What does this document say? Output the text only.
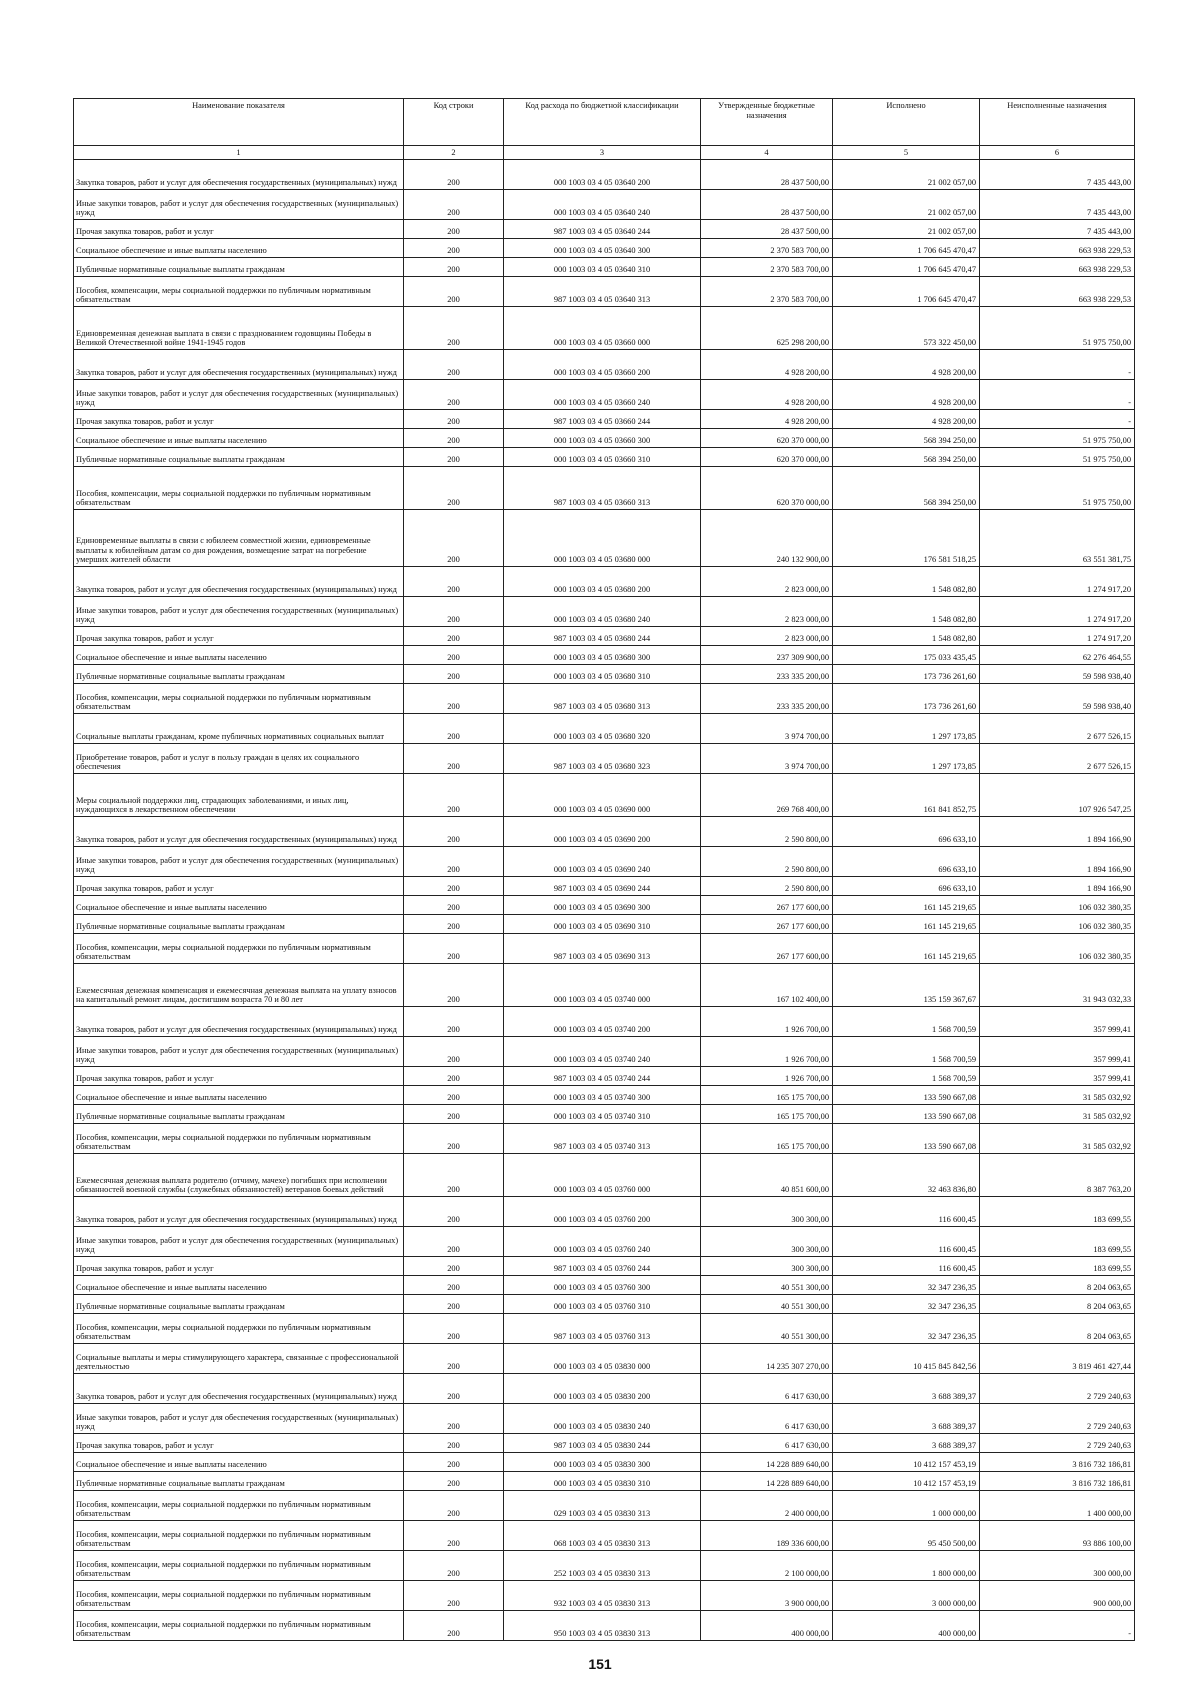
Наименование показателя	Код строки	Код расхода по бюджетной классификации	Утвержденные бюджетные назначения	Исполнено	Неисполненные назначения
1	2	3	4	5	6
Закупка товаров, работ и услуг для обеспечения государственных (муниципальных) нужд	200	000 1003 03 4 05 03640 200	28 437 500,00	21 002 057,00	7 435 443,00
Иные закупки товаров, работ и услуг для обеспечения государственных (муниципальных) нужд	200	000 1003 03 4 05 03640 240	28 437 500,00	21 002 057,00	7 435 443,00
Прочая закупка товаров, работ и услуг	200	987 1003 03 4 05 03640 244	28 437 500,00	21 002 057,00	7 435 443,00
Социальное обеспечение и иные выплаты населению	200	000 1003 03 4 05 03640 300	2 370 583 700,00	1 706 645 470,47	663 938 229,53
Публичные нормативные социальные выплаты гражданам	200	000 1003 03 4 05 03640 310	2 370 583 700,00	1 706 645 470,47	663 938 229,53
Пособия, компенсации, меры социальной поддержки по публичным нормативным обязательствам	200	987 1003 03 4 05 03640 313	2 370 583 700,00	1 706 645 470,47	663 938 229,53
Единовременная денежная выплата в связи с празднованием годовщины Победы в Великой Отечественной войне 1941-1945 годов	200	000 1003 03 4 05 03660 000	625 298 200,00	573 322 450,00	51 975 750,00
Закупка товаров, работ и услуг для обеспечения государственных (муниципальных) нужд	200	000 1003 03 4 05 03660 200	4 928 200,00	4 928 200,00	-
Иные закупки товаров, работ и услуг для обеспечения государственных (муниципальных) нужд	200	000 1003 03 4 05 03660 240	4 928 200,00	4 928 200,00	-
Прочая закупка товаров, работ и услуг	200	987 1003 03 4 05 03660 244	4 928 200,00	4 928 200,00	-
Социальное обеспечение и иные выплаты населению	200	000 1003 03 4 05 03660 300	620 370 000,00	568 394 250,00	51 975 750,00
Публичные нормативные социальные выплаты гражданам	200	000 1003 03 4 05 03660 310	620 370 000,00	568 394 250,00	51 975 750,00
Пособия, компенсации, меры социальной поддержки по публичным нормативным обязательствам	200	987 1003 03 4 05 03660 313	620 370 000,00	568 394 250,00	51 975 750,00
Единовременные выплаты в связи с юбилеем совместной жизни, единовременные выплаты к юбилейным датам со дня рождения, возмещение затрат на погребение умерших жителей области	200	000 1003 03 4 05 03680 000	240 132 900,00	176 581 518,25	63 551 381,75
Закупка товаров, работ и услуг для обеспечения государственных (муниципальных) нужд	200	000 1003 03 4 05 03680 200	2 823 000,00	1 548 082,80	1 274 917,20
Иные закупки товаров, работ и услуг для обеспечения государственных (муниципальных) нужд	200	000 1003 03 4 05 03680 240	2 823 000,00	1 548 082,80	1 274 917,20
Прочая закупка товаров, работ и услуг	200	987 1003 03 4 05 03680 244	2 823 000,00	1 548 082,80	1 274 917,20
Социальное обеспечение и иные выплаты населению	200	000 1003 03 4 05 03680 300	237 309 900,00	175 033 435,45	62 276 464,55
Публичные нормативные социальные выплаты гражданам	200	000 1003 03 4 05 03680 310	233 335 200,00	173 736 261,60	59 598 938,40
Пособия, компенсации, меры социальной поддержки по публичным нормативным обязательствам	200	987 1003 03 4 05 03680 313	233 335 200,00	173 736 261,60	59 598 938,40
Социальные выплаты гражданам, кроме публичных нормативных социальных выплат	200	000 1003 03 4 05 03680 320	3 974 700,00	1 297 173,85	2 677 526,15
Приобретение товаров, работ и услуг в пользу граждан в целях их социального обеспечения	200	987 1003 03 4 05 03680 323	3 974 700,00	1 297 173,85	2 677 526,15
Меры социальной поддержки лиц, страдающих заболеваниями, и иных лиц, нуждающихся в лекарственном обеспечении	200	000 1003 03 4 05 03690 000	269 768 400,00	161 841 852,75	107 926 547,25
Закупка товаров, работ и услуг для обеспечения государственных (муниципальных) нужд	200	000 1003 03 4 05 03690 200	2 590 800,00	696 633,10	1 894 166,90
Иные закупки товаров, работ и услуг для обеспечения государственных (муниципальных) нужд	200	000 1003 03 4 05 03690 240	2 590 800,00	696 633,10	1 894 166,90
Прочая закупка товаров, работ и услуг	200	987 1003 03 4 05 03690 244	2 590 800,00	696 633,10	1 894 166,90
Социальное обеспечение и иные выплаты населению	200	000 1003 03 4 05 03690 300	267 177 600,00	161 145 219,65	106 032 380,35
Публичные нормативные социальные выплаты гражданам	200	000 1003 03 4 05 03690 310	267 177 600,00	161 145 219,65	106 032 380,35
Пособия, компенсации, меры социальной поддержки по публичным нормативным обязательствам	200	987 1003 03 4 05 03690 313	267 177 600,00	161 145 219,65	106 032 380,35
Ежемесячная денежная компенсация и ежемесячная денежная выплата на уплату взносов на капитальный ремонт лицам, достигшим возраста 70 и 80 лет	200	000 1003 03 4 05 03740 000	167 102 400,00	135 159 367,67	31 943 032,33
Закупка товаров, работ и услуг для обеспечения государственных (муниципальных) нужд	200	000 1003 03 4 05 03740 200	1 926 700,00	1 568 700,59	357 999,41
Иные закупки товаров, работ и услуг для обеспечения государственных (муниципальных) нужд	200	000 1003 03 4 05 03740 240	1 926 700,00	1 568 700,59	357 999,41
Прочая закупка товаров, работ и услуг	200	987 1003 03 4 05 03740 244	1 926 700,00	1 568 700,59	357 999,41
Социальное обеспечение и иные выплаты населению	200	000 1003 03 4 05 03740 300	165 175 700,00	133 590 667,08	31 585 032,92
Публичные нормативные социальные выплаты гражданам	200	000 1003 03 4 05 03740 310	165 175 700,00	133 590 667,08	31 585 032,92
Пособия, компенсации, меры социальной поддержки по публичным нормативным обязательствам	200	987 1003 03 4 05 03740 313	165 175 700,00	133 590 667,08	31 585 032,92
Ежемесячная денежная выплата родителю (отчиму, мачехе) погибших при исполнении обязанностей военной службы (служебных обязанностей) ветеранов боевых действий	200	000 1003 03 4 05 03760 000	40 851 600,00	32 463 836,80	8 387 763,20
Закупка товаров, работ и услуг для обеспечения государственных (муниципальных) нужд	200	000 1003 03 4 05 03760 200	300 300,00	116 600,45	183 699,55
Иные закупки товаров, работ и услуг для обеспечения государственных (муниципальных) нужд	200	000 1003 03 4 05 03760 240	300 300,00	116 600,45	183 699,55
Прочая закупка товаров, работ и услуг	200	987 1003 03 4 05 03760 244	300 300,00	116 600,45	183 699,55
Социальное обеспечение и иные выплаты населению	200	000 1003 03 4 05 03760 300	40 551 300,00	32 347 236,35	8 204 063,65
Публичные нормативные социальные выплаты гражданам	200	000 1003 03 4 05 03760 310	40 551 300,00	32 347 236,35	8 204 063,65
Пособия, компенсации, меры социальной поддержки по публичным нормативным обязательствам	200	987 1003 03 4 05 03760 313	40 551 300,00	32 347 236,35	8 204 063,65
Социальные выплаты и меры стимулирующего характера, связанные с профессиональной деятельностью	200	000 1003 03 4 05 03830 000	14 235 307 270,00	10 415 845 842,56	3 819 461 427,44
Закупка товаров, работ и услуг для обеспечения государственных (муниципальных) нужд	200	000 1003 03 4 05 03830 200	6 417 630,00	3 688 389,37	2 729 240,63
Иные закупки товаров, работ и услуг для обеспечения государственных (муниципальных) нужд	200	000 1003 03 4 05 03830 240	6 417 630,00	3 688 389,37	2 729 240,63
Прочая закупка товаров, работ и услуг	200	987 1003 03 4 05 03830 244	6 417 630,00	3 688 389,37	2 729 240,63
Социальное обеспечение и иные выплаты населению	200	000 1003 03 4 05 03830 300	14 228 889 640,00	10 412 157 453,19	3 816 732 186,81
Публичные нормативные социальные выплаты гражданам	200	000 1003 03 4 05 03830 310	14 228 889 640,00	10 412 157 453,19	3 816 732 186,81
Пособия, компенсации, меры социальной поддержки по публичным нормативным обязательствам	200	029 1003 03 4 05 03830 313	2 400 000,00	1 000 000,00	1 400 000,00
Пособия, компенсации, меры социальной поддержки по публичным нормативным обязательствам	200	068 1003 03 4 05 03830 313	189 336 600,00	95 450 500,00	93 886 100,00
Пособия, компенсации, меры социальной поддержки по публичным нормативным обязательствам	200	252 1003 03 4 05 03830 313	2 100 000,00	1 800 000,00	300 000,00
Пособия, компенсации, меры социальной поддержки по публичным нормативным обязательствам	200	932 1003 03 4 05 03830 313	3 900 000,00	3 000 000,00	900 000,00
Пособия, компенсации, меры социальной поддержки по публичным нормативным обязательствам	200	950 1003 03 4 05 03830 313	400 000,00	400 000,00	-
151
